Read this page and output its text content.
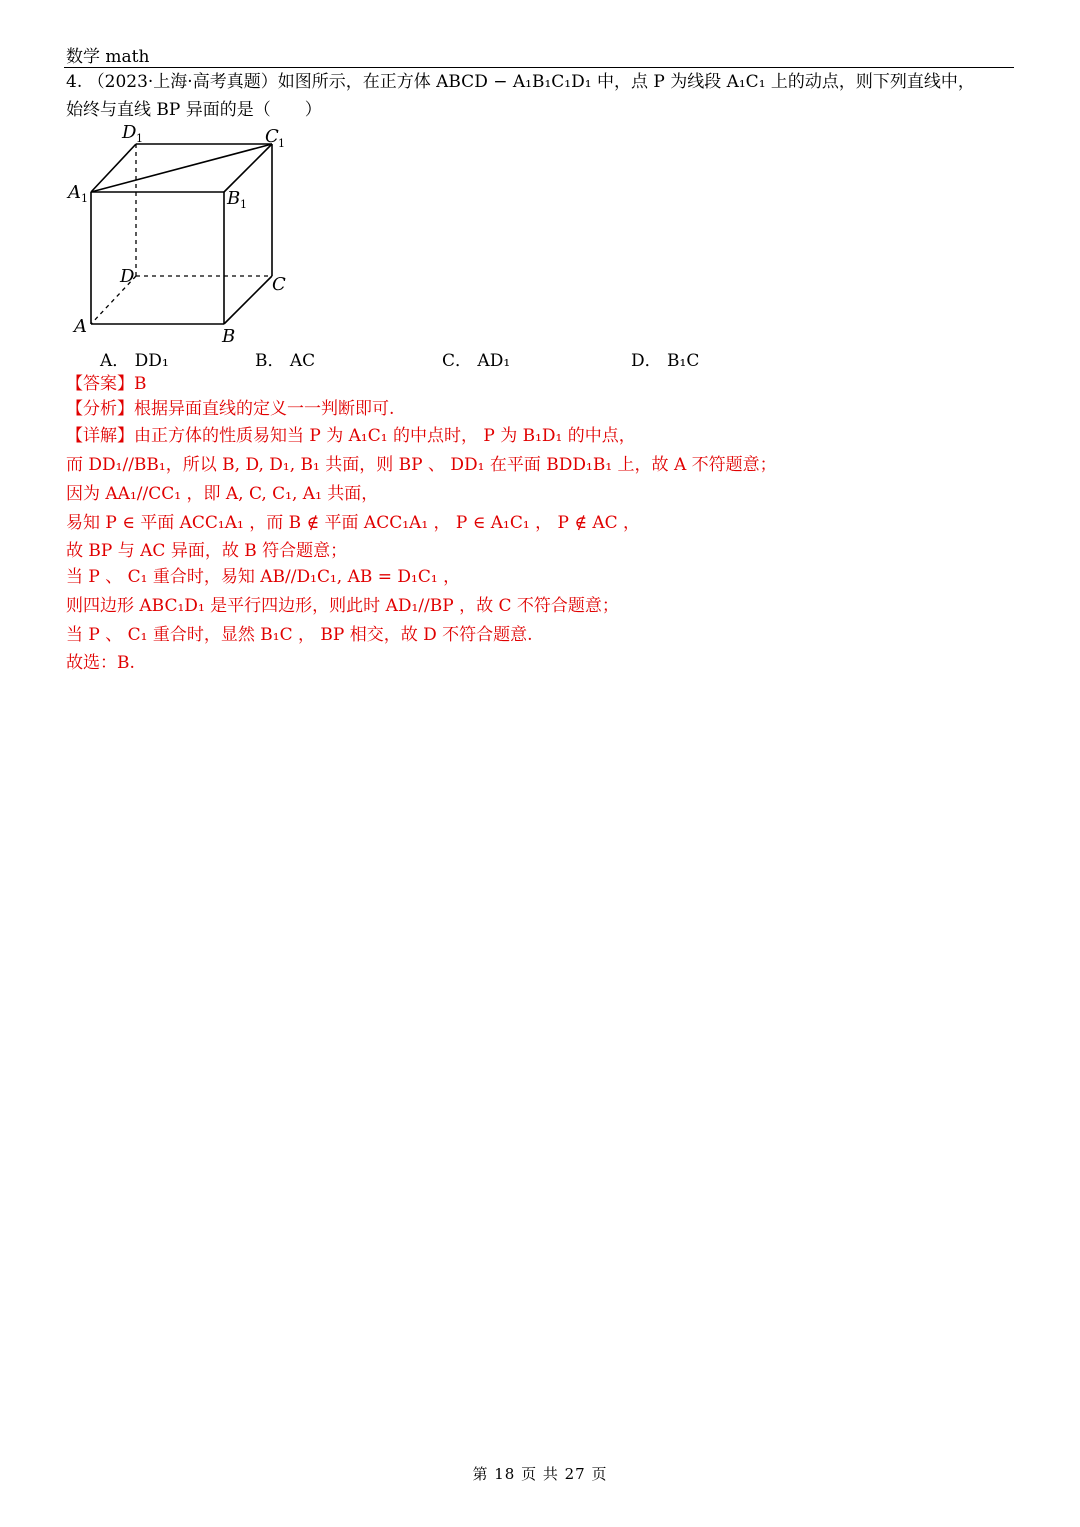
数学 math
4. （2023·上海·高考真题）如图所示，在正方体 ABCD − A₁B₁C₁D₁ 中，点 P 为线段 A₁C₁ 上的动点，则下列直线中，
始终与直线 BP 异面的是（　　）
D 1	C 1
A 1	B 1
D	C
A	B
A． DD₁	B． AC	C． AD₁	D． B₁C
【答案】B
【分析】根据异面直线的定义一一判断即可.
【详解】由正方体的性质易知当 P 为 A₁C₁ 的中点时， P 为 B₁D₁ 的中点，
而 DD₁//BB₁，所以 B, D, D₁, B₁ 共面，则 BP 、 DD₁ 在平面 BDD₁B₁ 上，故 A 不符题意；
因为 AA₁//CC₁ ，即 A, C, C₁, A₁ 共面，
易知 P ∈ 平面 ACC₁A₁ ，而 B ∉ 平面 ACC₁A₁ ， P ∈ A₁C₁ ， P ∉ AC ，
故 BP 与 AC 异面，故 B 符合题意；
当 P 、 C₁ 重合时，易知 AB//D₁C₁, AB = D₁C₁ ，
则四边形 ABC₁D₁ 是平行四边形，则此时 AD₁//BP ，故 C 不符合题意；
当 P 、 C₁ 重合时，显然 B₁C ， BP 相交，故 D 不符合题意.
故选：B.
第 18 页 共 27 页
